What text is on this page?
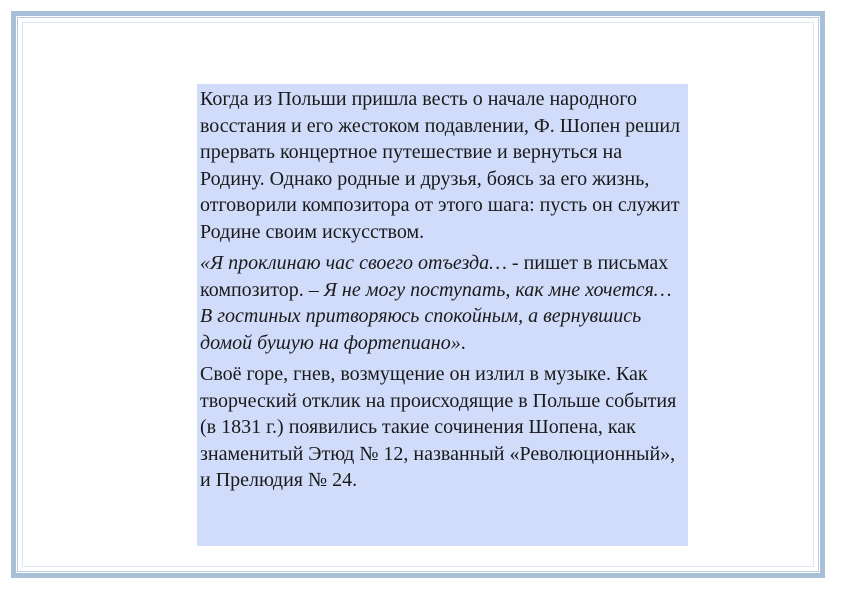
Когда из Польши пришла весть о начале народного восстания и его жестоком подавлении, Ф. Шопен решил прервать концертное путешествие и вернуться на Родину. Однако родные и друзья, боясь за его жизнь, отговорили композитора от этого шага: пусть он служит Родине своим искусством.

«Я проклинаю час своего отъезда… - пишет в письмах композитор. – Я не могу поступать, как мне хочется… В гостиных притворяюсь спокойным, а вернувшись домой бушую на фортепиано».

Своё горе, гнев, возмущение он излил в музыке. Как творческий отклик на происходящие в Польше события (в 1831 г.) появились такие сочинения Шопена, как знаменитый Этюд № 12, названный «Революционный», и Прелюдия № 24.
